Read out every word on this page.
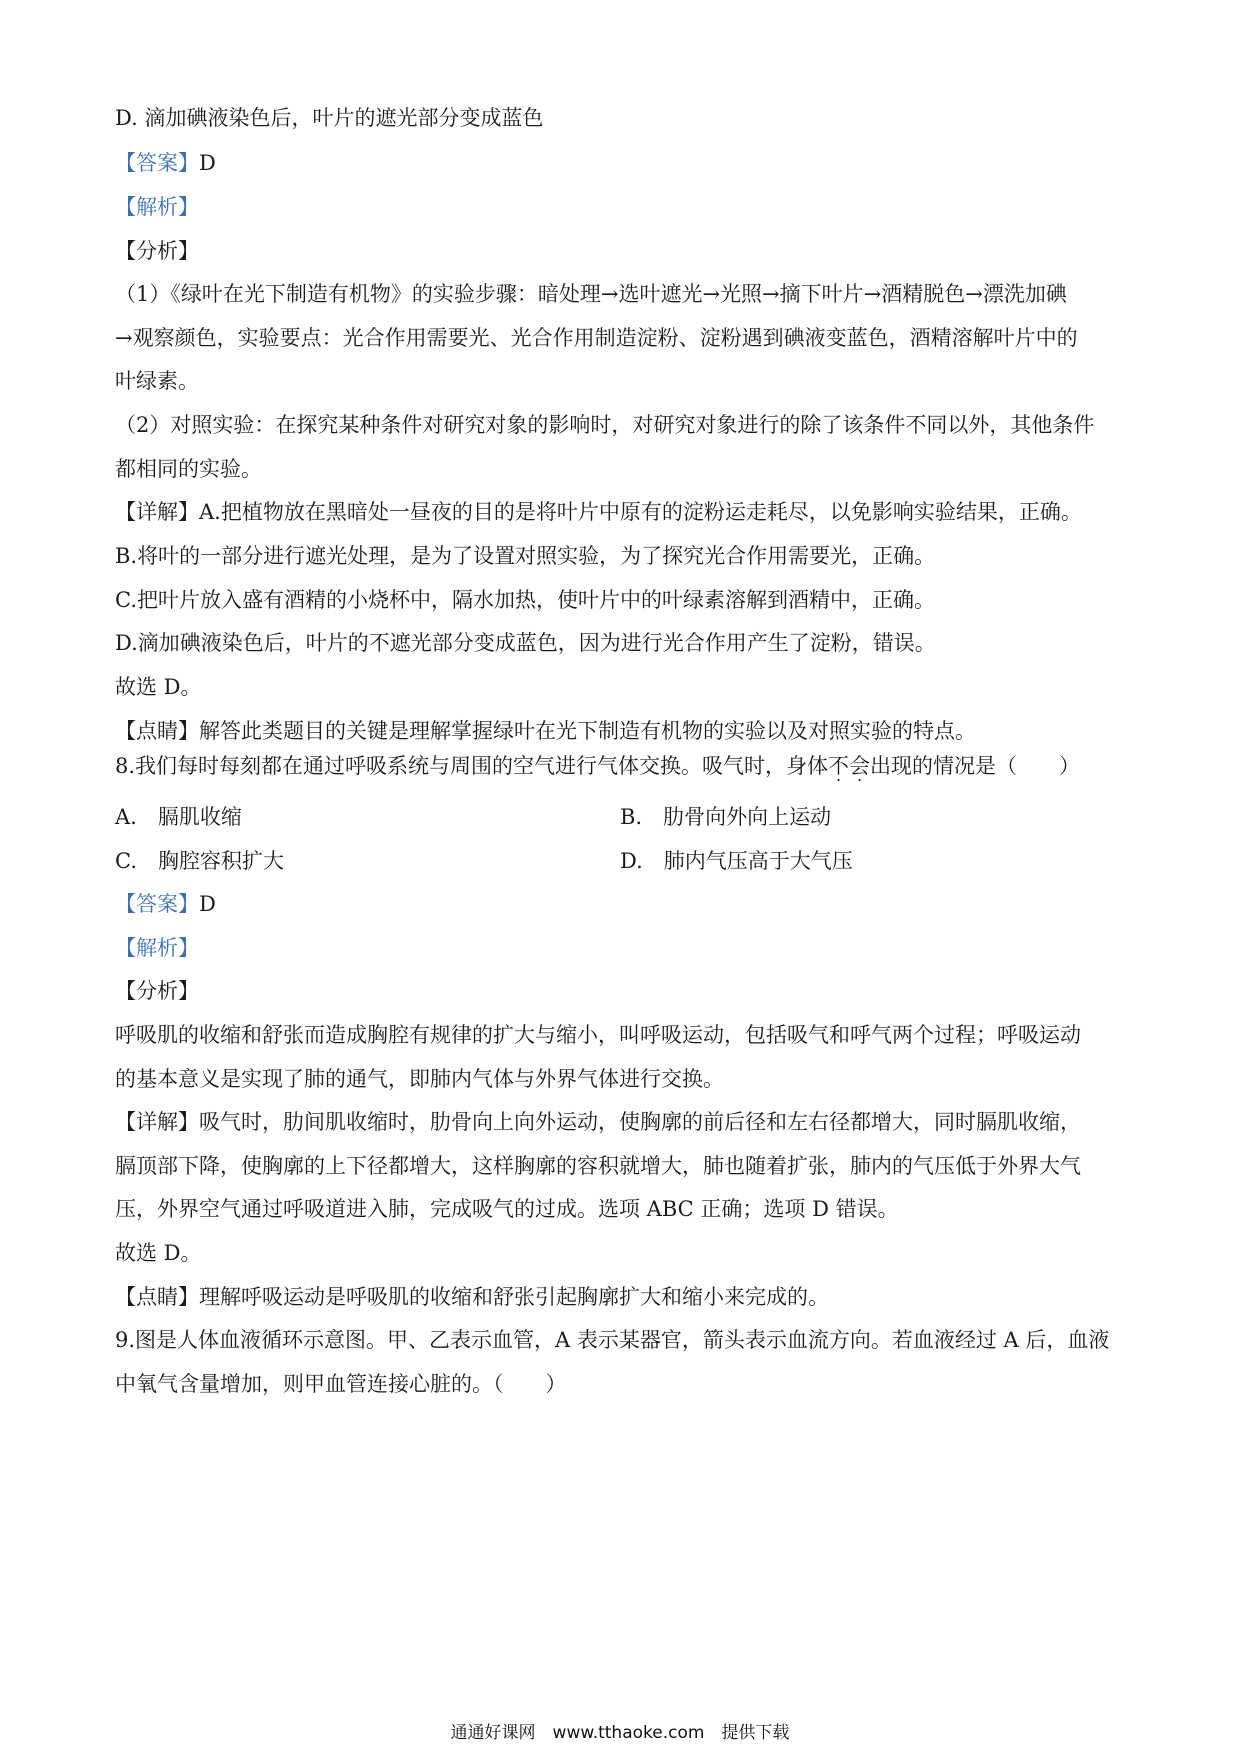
D. 滴加碘液染色后，叶片的遮光部分变成蓝色
【答案】D
【解析】
【分析】
（1）《绿叶在光下制造有机物》的实验步骤：暗处理→选叶遮光→光照→摘下叶片→酒精脱色→漂洗加碘
→观察颜色，实验要点：光合作用需要光、光合作用制造淀粉、淀粉遇到碘液变蓝色，酒精溶解叶片中的
叶绿素。
（2）对照实验：在探究某种条件对研究对象的影响时，对研究对象进行的除了该条件不同以外，其他条件
都相同的实验。
【详解】A.把植物放在黑暗处一昼夜的目的是将叶片中原有的淀粉运走耗尽，以免影响实验结果，正确。
B.将叶的一部分进行遮光处理，是为了设置对照实验，为了探究光合作用需要光，正确。
C.把叶片放入盛有酒精的小烧杯中，隔水加热，使叶片中的叶绿素溶解到酒精中，正确。
D.滴加碘液染色后，叶片的不遮光部分变成蓝色，因为进行光合作用产生了淀粉，错误。
故选 D。
【点睛】解答此类题目的关键是理解掌握绿叶在光下制造有机物的实验以及对照实验的特点。
8.我们每时每刻都在通过呼吸系统与周围的空气进行气体交换。吸气时，身体不会出现的情况是（　　）
A.　膈肌收缩	B.　肋骨向外向上运动
C.　胸腔容积扩大	D.　肺内气压高于大气压
【答案】D
【解析】
【分析】
呼吸肌的收缩和舒张而造成胸腔有规律的扩大与缩小，叫呼吸运动，包括吸气和呼气两个过程；呼吸运动
的基本意义是实现了肺的通气，即肺内气体与外界气体进行交换。
【详解】吸气时，肋间肌收缩时，肋骨向上向外运动，使胸廓的前后径和左右径都增大，同时膈肌收缩，
膈顶部下降，使胸廓的上下径都增大，这样胸廓的容积就增大，肺也随着扩张，肺内的气压低于外界大气
压，外界空气通过呼吸道进入肺，完成吸气的过成。选项 ABC 正确；选项 D 错误。
故选 D。
【点睛】理解呼吸运动是呼吸肌的收缩和舒张引起胸廓扩大和缩小来完成的。
9.图是人体血液循环示意图。甲、乙表示血管，A 表示某器官，箭头表示血流方向。若血液经过 A 后，血液
中氧气含量增加，则甲血管连接心脏的。（　　）
通通好课网　www.tthaoke.com　提供下载
